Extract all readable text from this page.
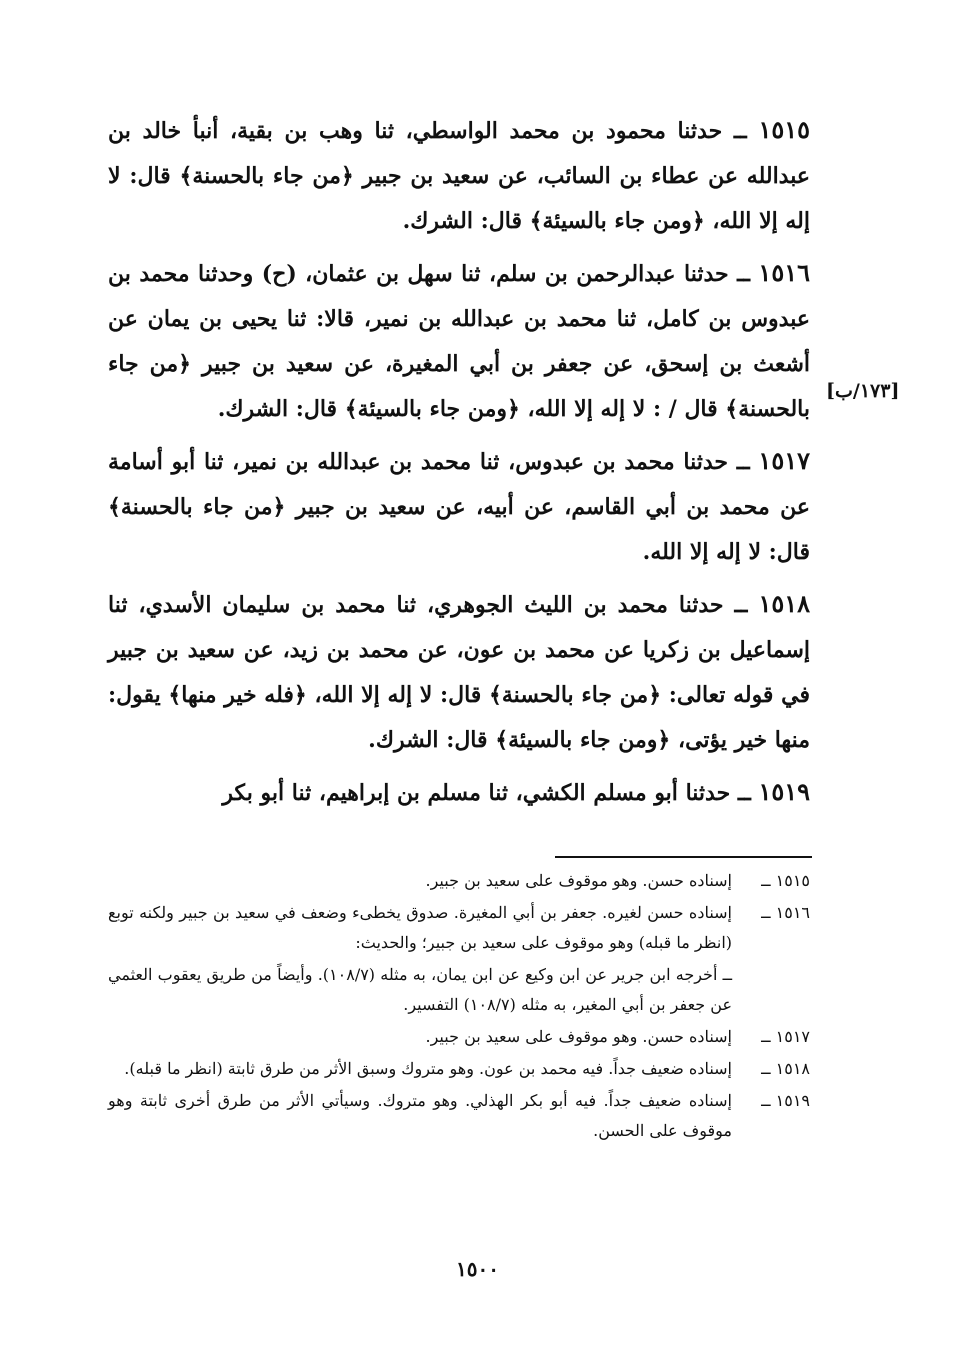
١٥١٥ ــ حدثنا محمود بن محمد الواسطي، ثنا وهب بن بقية، أنبأ خالد بن عبدالله عن عطاء بن السائب، عن سعيد بن جبير ﴿من جاء بالحسنة﴾ قال: لا إله إلا الله، ﴿ومن جاء بالسيئة﴾ قال: الشرك.

١٥١٦ ــ حدثنا عبدالرحمن بن سلم، ثنا سهل بن عثمان، (ح) وحدثنا محمد بن عبدوس بن كامل، ثنا محمد بن عبدالله بن نمير، قالا: ثنا يحيى بن يمان عن أشعث بن إسحق، عن جعفر بن أبي المغيرة، عن سعيد بن جبير ﴿من جاء بالحسنة﴾ قال / : لا إله إلا الله، ﴿ومن جاء بالسيئة﴾ قال: الشرك.

١٥١٧ ــ حدثنا محمد بن عبدوس، ثنا محمد بن عبدالله بن نمير، ثنا أبو أسامة عن محمد بن أبي القاسم، عن أبيه، عن سعيد بن جبير ﴿من جاء بالحسنة﴾ قال: لا إله إلا الله.

١٥١٨ ــ حدثنا محمد بن الليث الجوهري، ثنا محمد بن سليمان الأسدي، ثنا إسماعيل بن زكريا عن محمد بن عون، عن محمد بن زيد، عن سعيد بن جبير في قوله تعالى: ﴿من جاء بالحسنة﴾ قال: لا إله إلا الله، ﴿فله خير منها﴾ يقول: منها خير يؤتى، ﴿ومن جاء بالسيئة﴾ قال: الشرك.

١٥١٩ ــ حدثنا أبو مسلم الكشي، ثنا مسلم بن إبراهيم، ثنا أبو بكر

[١٧٣/ب]
١٥١٥ ــ
إسناده حسن. وهو موقوف على سعيد بن جبير.
١٥١٦ ــ
إسناده حسن لغيره. جعفر بن أبي المغيرة. صدوق يخطىء وضعف في سعيد بن جبير ولكنه توبع (انظر ما قبله) وهو موقوف على سعيد بن جبير؛ والحديث:
ــ أخرجه ابن جرير عن ابن وكيع عن ابن يمان، به مثله (١٠٨/٧). وأيضاً من طريق يعقوب العثمي عن جعفر بن أبي المغير، به مثله (١٠٨/٧) التفسير.
١٥١٧ ــ
إسناده حسن. وهو موقوف على سعيد بن جبير.
١٥١٨ ــ
إسناده ضعيف جداً. فيه محمد بن عون. وهو متروك وسبق الأثر من طرق ثابتة (انظر ما قبله).
١٥١٩ ــ
إسناده ضعيف جداً. فيه أبو بكر الهذلي. وهو متروك. وسيأتي الأثر من طرق أخرى ثابتة وهو موقوف على الحسن.
١٥٠٠
